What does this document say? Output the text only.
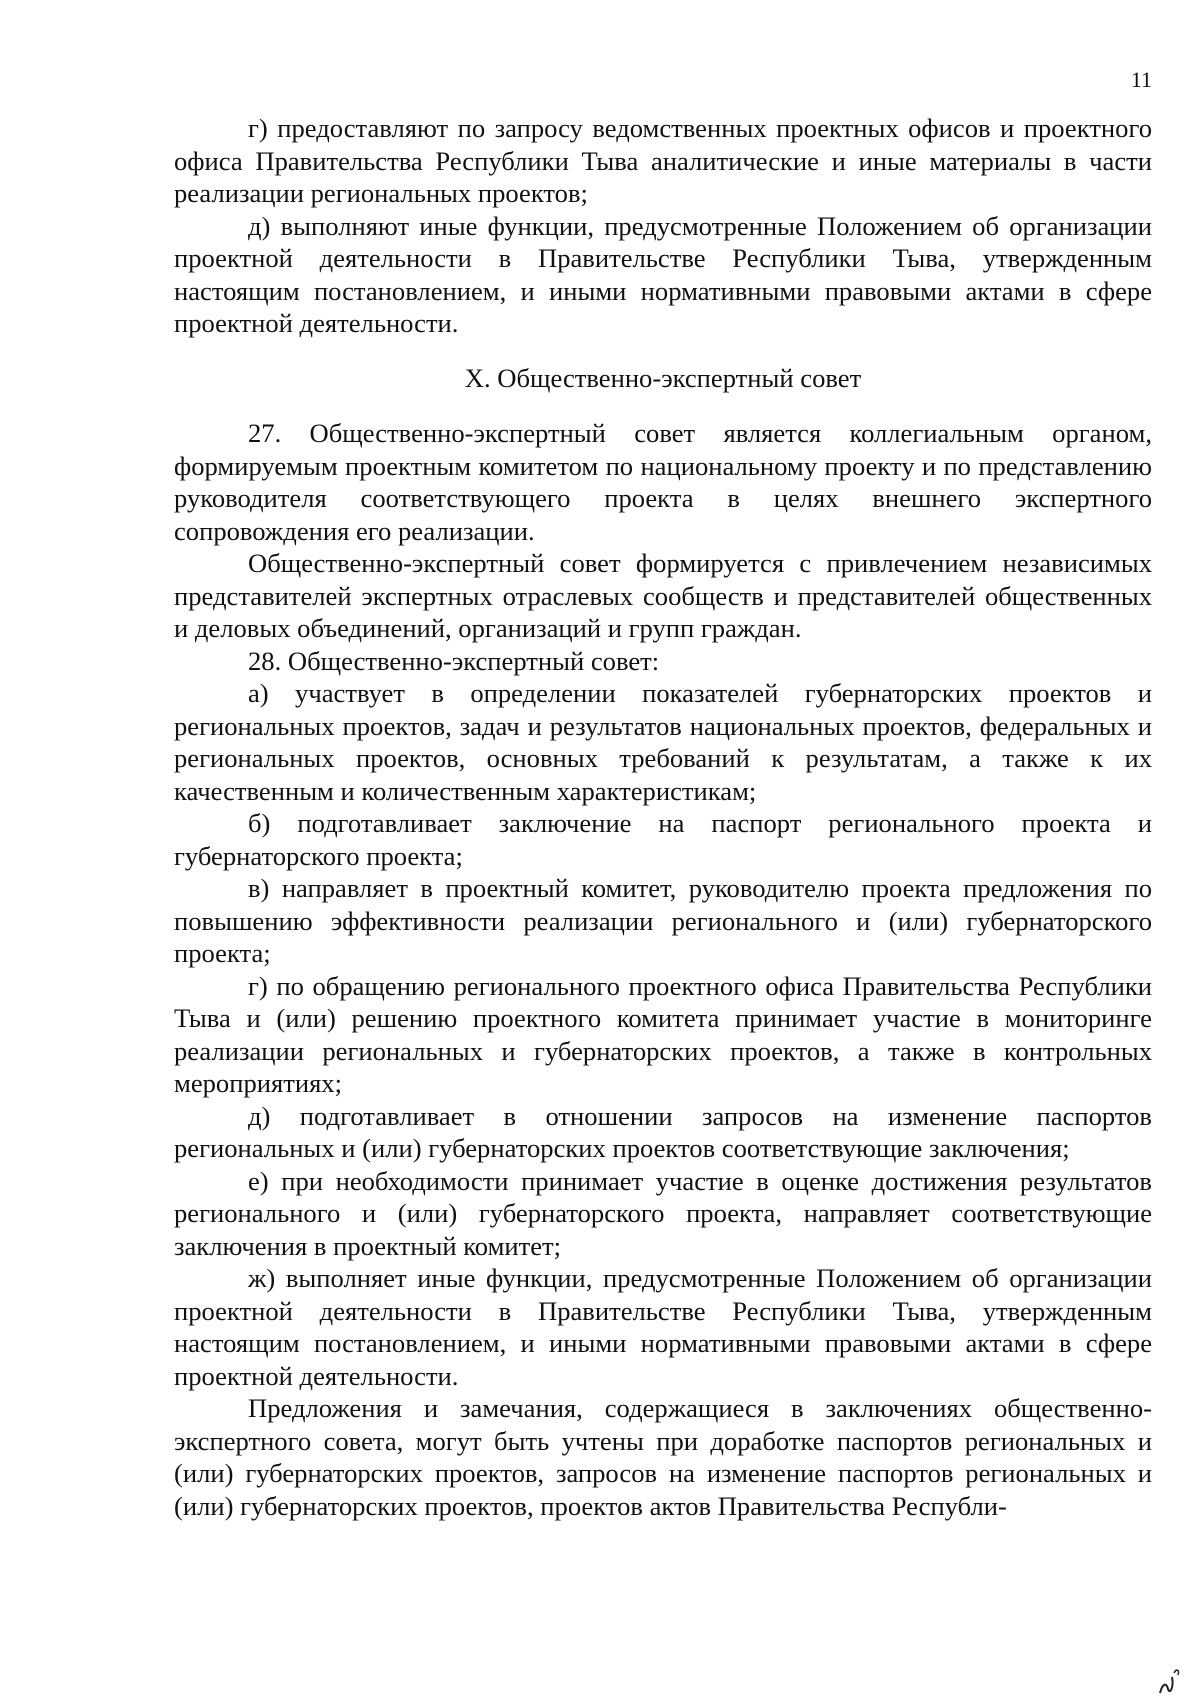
11

г) предоставляют по запросу ведомственных проектных офисов и проектного офиса Правительства Республики Тыва аналитические и иные материалы в части реализации региональных проектов;

д) выполняют иные функции, предусмотренные Положением об организации проектной деятельности в Правительстве Республики Тыва, утвержденным настоящим постановлением, и иными нормативными правовыми актами в сфере проектной деятельности.

X. Общественно-экспертный совет

27. Общественно-экспертный совет является коллегиальным органом, формируемым проектным комитетом по национальному проекту и по представлению руководителя соответствующего проекта в целях внешнего экспертного сопровождения его реализации.

Общественно-экспертный совет формируется с привлечением независимых представителей экспертных отраслевых сообществ и представителей общественных и деловых объединений, организаций и групп граждан.

28. Общественно-экспертный совет:

а) участвует в определении показателей губернаторских проектов и региональных проектов, задач и результатов национальных проектов, федеральных и региональных проектов, основных требований к результатам, а также к их качественным и количественным характеристикам;

б) подготавливает заключение на паспорт регионального проекта и губернаторского проекта;

в) направляет в проектный комитет, руководителю проекта предложения по повышению эффективности реализации регионального и (или) губернаторского проекта;

г) по обращению регионального проектного офиса Правительства Республики Тыва и (или) решению проектного комитета принимает участие в мониторинге реализации региональных и губернаторских проектов, а также в контрольных мероприятиях;

д) подготавливает в отношении запросов на изменение паспортов региональных и (или) губернаторских проектов соответствующие заключения;

е) при необходимости принимает участие в оценке достижения результатов регионального и (или) губернаторского проекта, направляет соответствующие заключения в проектный комитет;

ж) выполняет иные функции, предусмотренные Положением об организации проектной деятельности в Правительстве Республики Тыва, утвержденным настоящим постановлением, и иными нормативными правовыми актами в сфере проектной деятельности.

Предложения и замечания, содержащиеся в заключениях общественно-экспертного совета, могут быть учтены при доработке паспортов региональных и (или) губернаторских проектов, запросов на изменение паспортов региональных и (или) губернаторских проектов, проектов актов Правительства Республи-
